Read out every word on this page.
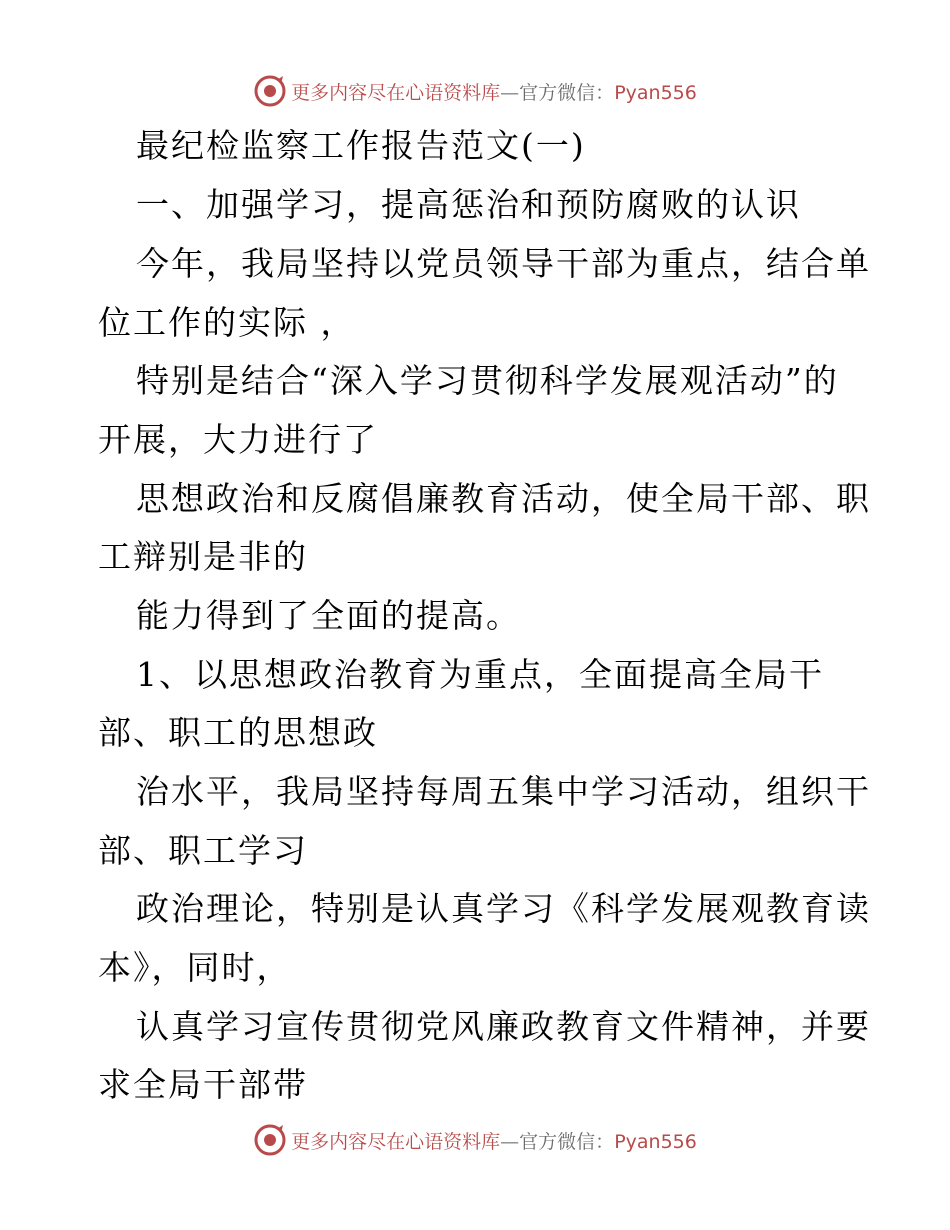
更多内容尽在心语资料库—官方微信：Pyan556
最纪检监察工作报告范文(一)
一、加强学习，提高惩治和预防腐败的认识
今年，我局坚持以党员领导干部为重点，结合单
位工作的实际 ，
特别是结合“深入学习贯彻科学发展观活动”的
开展，大力进行了
思想政治和反腐倡廉教育活动，使全局干部、职
工辩别是非的
能力得到了全面的提高。
1、以思想政治教育为重点，全面提高全局干
部、职工的思想政
治水平，我局坚持每周五集中学习活动，组织干
部、职工学习
政治理论，特别是认真学习《科学发展观教育读
本》，同时，
认真学习宣传贯彻党风廉政教育文件精神，并要
求全局干部带
更多内容尽在心语资料库—官方微信：Pyan556
